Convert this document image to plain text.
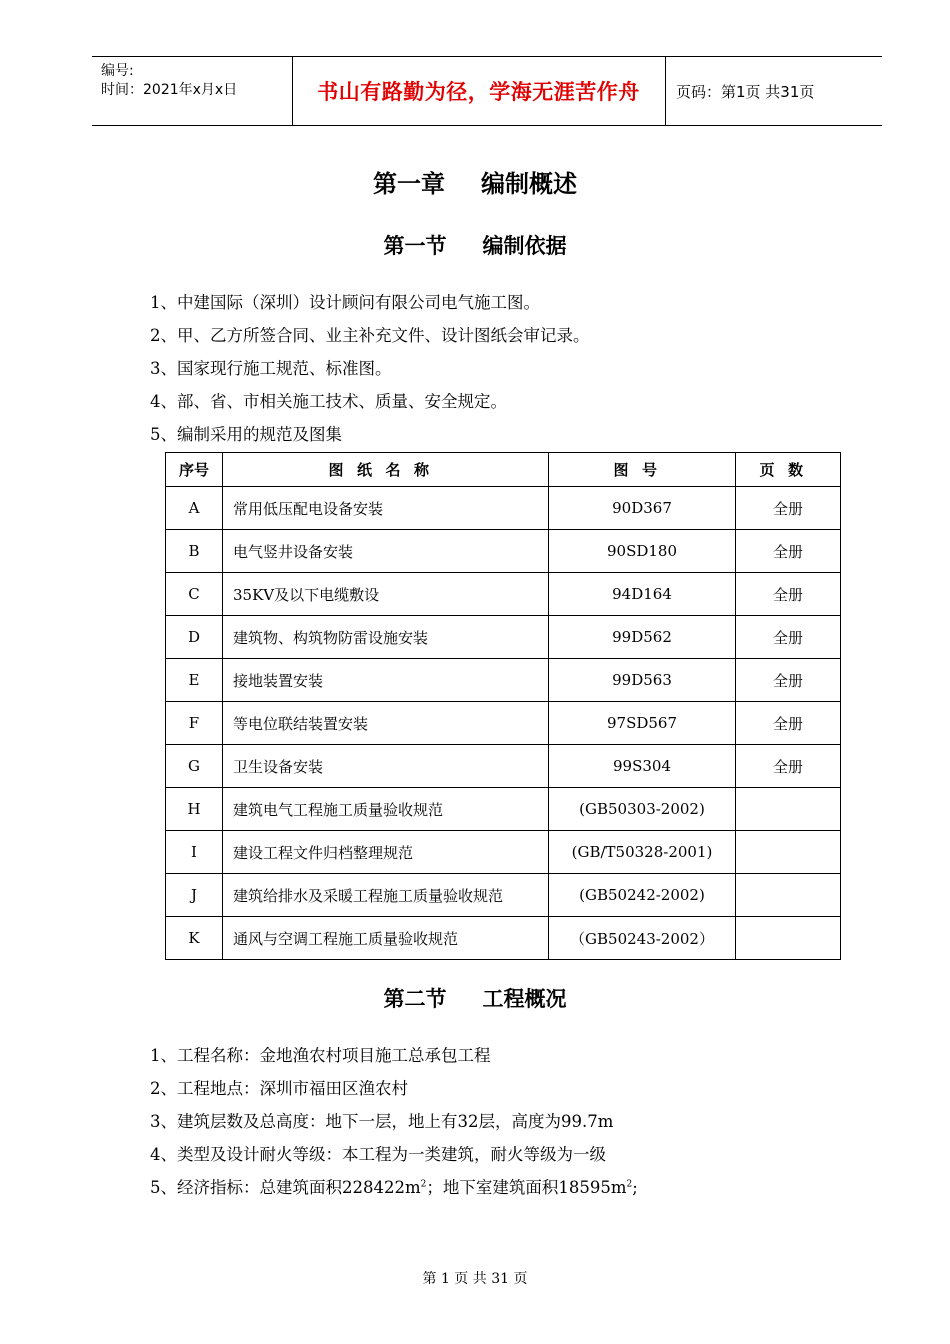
编号:
时间：2021年x月x日	书山有路勤为径，学海无涯苦作舟	页码：第1页 共31页
第一章 编制概述
第一节 编制依据
1、中建国际（深圳）设计顾问有限公司电气施工图。
2、甲、乙方所签合同、业主补充文件、设计图纸会审记录。
3、国家现行施工规范、标准图。
4、部、省、市相关施工技术、质量、安全规定。
5、编制采用的规范及图集
序号	图纸名称	图号	页数
A	常用低压配电设备安装	90D367	全册
B	电气竖井设备安装	90SD180	全册
C	35KV及以下电缆敷设	94D164	全册
D	建筑物、构筑物防雷设施安装	99D562	全册
E	接地装置安装	99D563	全册
F	等电位联结装置安装	97SD567	全册
G	卫生设备安装	99S304	全册
H	建筑电气工程施工质量验收规范	(GB50303-2002)	
I	建设工程文件归档整理规范	(GB/T50328-2001)	
J	建筑给排水及采暖工程施工质量验收规范	(GB50242-2002)	
K	通风与空调工程施工质量验收规范	（GB50243-2002）	
第二节 工程概况
1、工程名称：金地渔农村项目施工总承包工程
2、工程地点：深圳市福田区渔农村
3、建筑层数及总高度：地下一层，地上有32层，高度为99.7m
4、类型及设计耐火等级：本工程为一类建筑，耐火等级为一级
5、经济指标：总建筑面积$228422m^2$；地下室建筑面积$18595m^2$;
第 1 页 共 31 页
